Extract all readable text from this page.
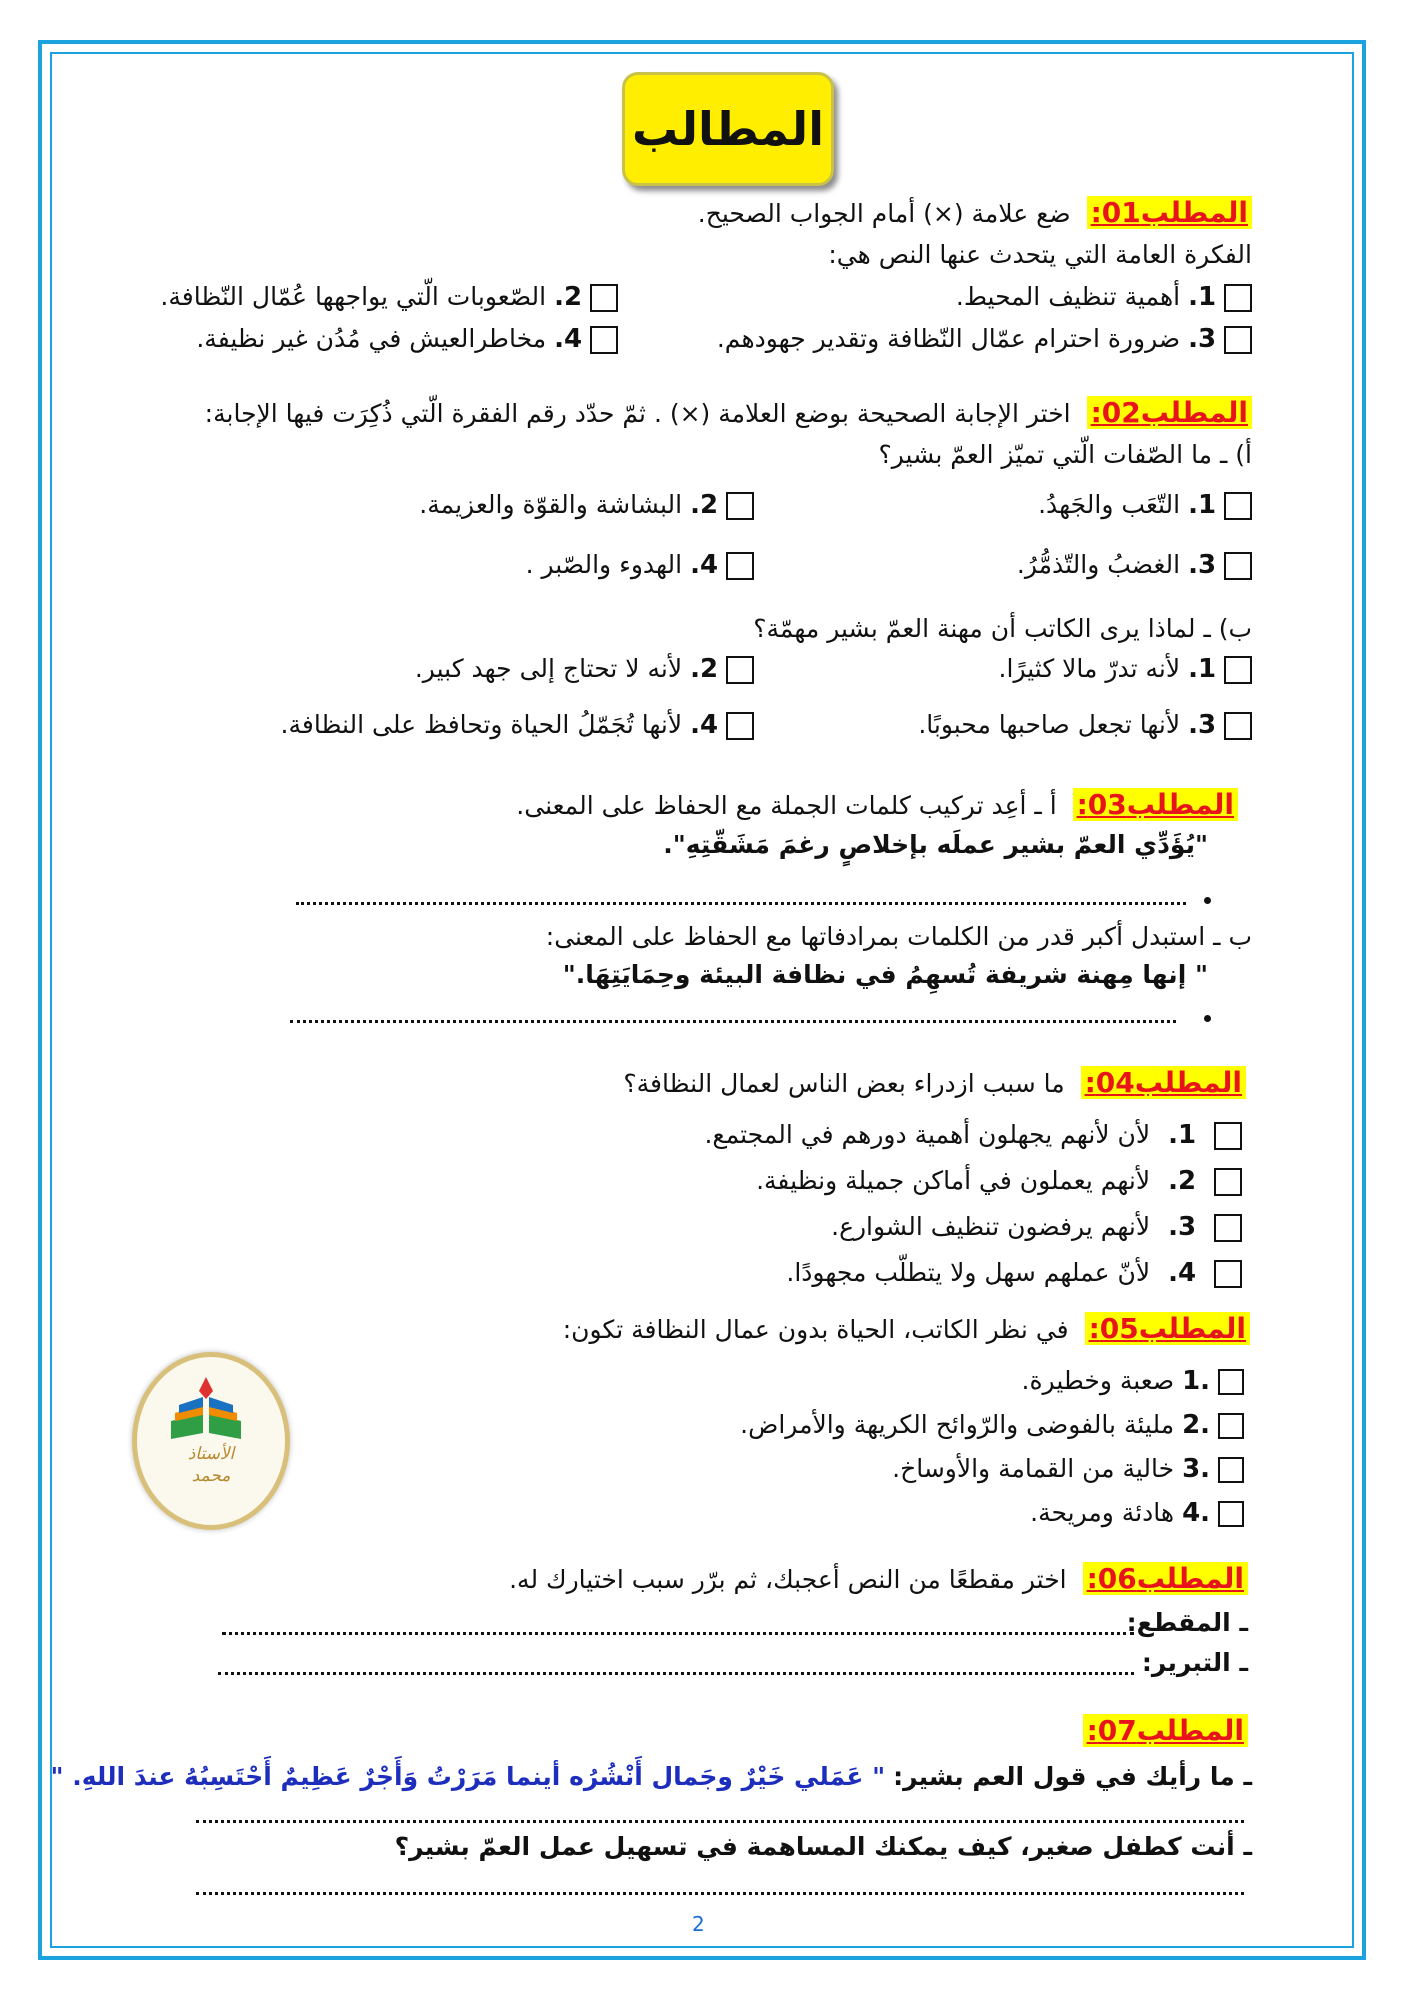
المطالب
المطلب01: ضع علامة (×) أمام الجواب الصحيح.
الفكرة العامة التي يتحدث عنها النص هي:
1. أهمية تنظيف المحيط.
2. الصّعوبات الّتي يواجهها عُمّال النّظافة.
3. ضرورة احترام عمّال النّظافة وتقدير جهودهم.
4. مخاطرالعيش في مُدُن غير نظيفة.
المطلب02: اختر الإجابة الصحيحة بوضع العلامة (×) . ثمّ حدّد رقم الفقرة الّتي ذُكِرَت فيها الإجابة:
أ) ـ ما الصّفات الّتي تميّز العمّ بشير؟
1. التّعَب والجَهدُ.
2. البشاشة والقوّة والعزيمة.
3. الغضبُ والتّذمُّرُ.
4. الهدوء والصّبر .
ب) ـ لماذا يرى الكاتب أن مهنة العمّ بشير مهمّة؟
1. لأنه تدرّ مالا كثيرًا.
2. لأنه لا تحتاج إلى جهد كبير.
3. لأنها تجعل صاحبها محبوبًا.
4. لأنها تُجَمّلُ الحياة وتحافظ على النظافة.
المطلب03: أ ـ أعِد تركيب كلمات الجملة مع الحفاظ على المعنى.
"يُؤَدِّي العمّ بشير عملَه بإخلاصٍ رغمَ مَشَقّتِهِ".
ب ـ استبدل أكبر قدر من الكلمات بمرادفاتها مع الحفاظ على المعنى:
" إنها مِهنة شريفة تُسهِمُ في نظافة البيئة وحِمَايَتِهَا."
المطلب04: ما سبب ازدراء بعض الناس لعمال النظافة؟
1. لأن لأنهم يجهلون أهمية دورهم في المجتمع.
2. لأنهم يعملون في أماكن جميلة ونظيفة.
3. لأنهم يرفضون تنظيف الشوارع.
4. لأنّ عملهم سهل ولا يتطلّب مجهودًا.
المطلب05: في نظر الكاتب، الحياة بدون عمال النظافة تكون:
.1 صعبة وخطيرة.
.2 مليئة بالفوضى والرّوائح الكريهة والأمراض.
.3 خالية من القمامة والأوساخ.
.4 هادئة ومريحة.
الأستاذ
محمد
المطلب06: اختر مقطعًا من النص أعجبك، ثم برّر سبب اختيارك له.
ـ المقطع:
ـ التبرير:
المطلب07:
ـ ما رأيك في قول العم بشير: " عَمَلي خَيْرٌ وجَمال أَنْشُرُه أينما مَرَرْتُ وَأَجْرٌ عَظِيمٌ أَحْتَسِبُهُ عندَ اللهِ. "
ـ أنت كطفل صغير، كيف يمكنك المساهمة في تسهيل عمل العمّ بشير؟
2
